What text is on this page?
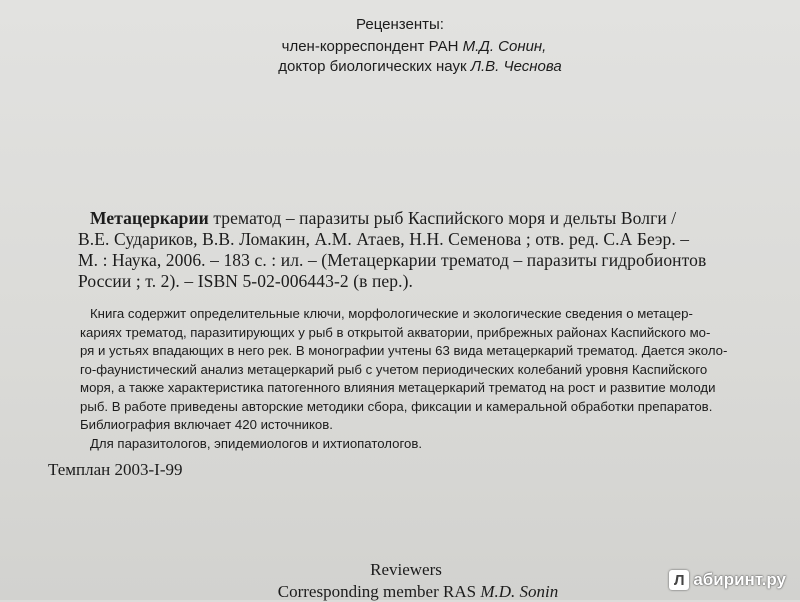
Рецензенты:
член-корреспондент РАН М.Д. Сонин,
доктор биологических наук Л.В. Чеснова
Метацеркарии трематод – паразиты рыб Каспийского моря и дельты Волги /
В.Е. Судариков, В.В. Ломакин, А.М. Атаев, Н.Н. Семенова ; отв. ред. С.А Беэр. –
М. : Наука, 2006. – 183 с. : ил. – (Метацеркарии трематод – паразиты гидробионтов
России ; т. 2). – ISBN 5-02-006443-2 (в пер.).
Книга содержит определительные ключи, морфологические и экологические сведения о метацер-
кариях трематод, паразитирующих у рыб в открытой акватории, прибрежных районах Каспийского мо-
ря и устьях впадающих в него рек. В монографии учтены 63 вида метацеркарий трематод. Дается эколо-
го-фаунистический анализ метацеркарий рыб с учетом периодических колебаний уровня Каспийского
моря, а также характеристика патогенного влияния метацеркарий трематод на рост и развитие молоди
рыб. В работе приведены авторские методики сбора, фиксации и камеральной обработки препаратов.
Библиография включает 420 источников.
Для паразитологов, эпидемиологов и ихтиопатологов.
Темплан 2003-I-99
Reviewers
Corresponding member RAS M.D. Sonin
Л абиринт.ру
